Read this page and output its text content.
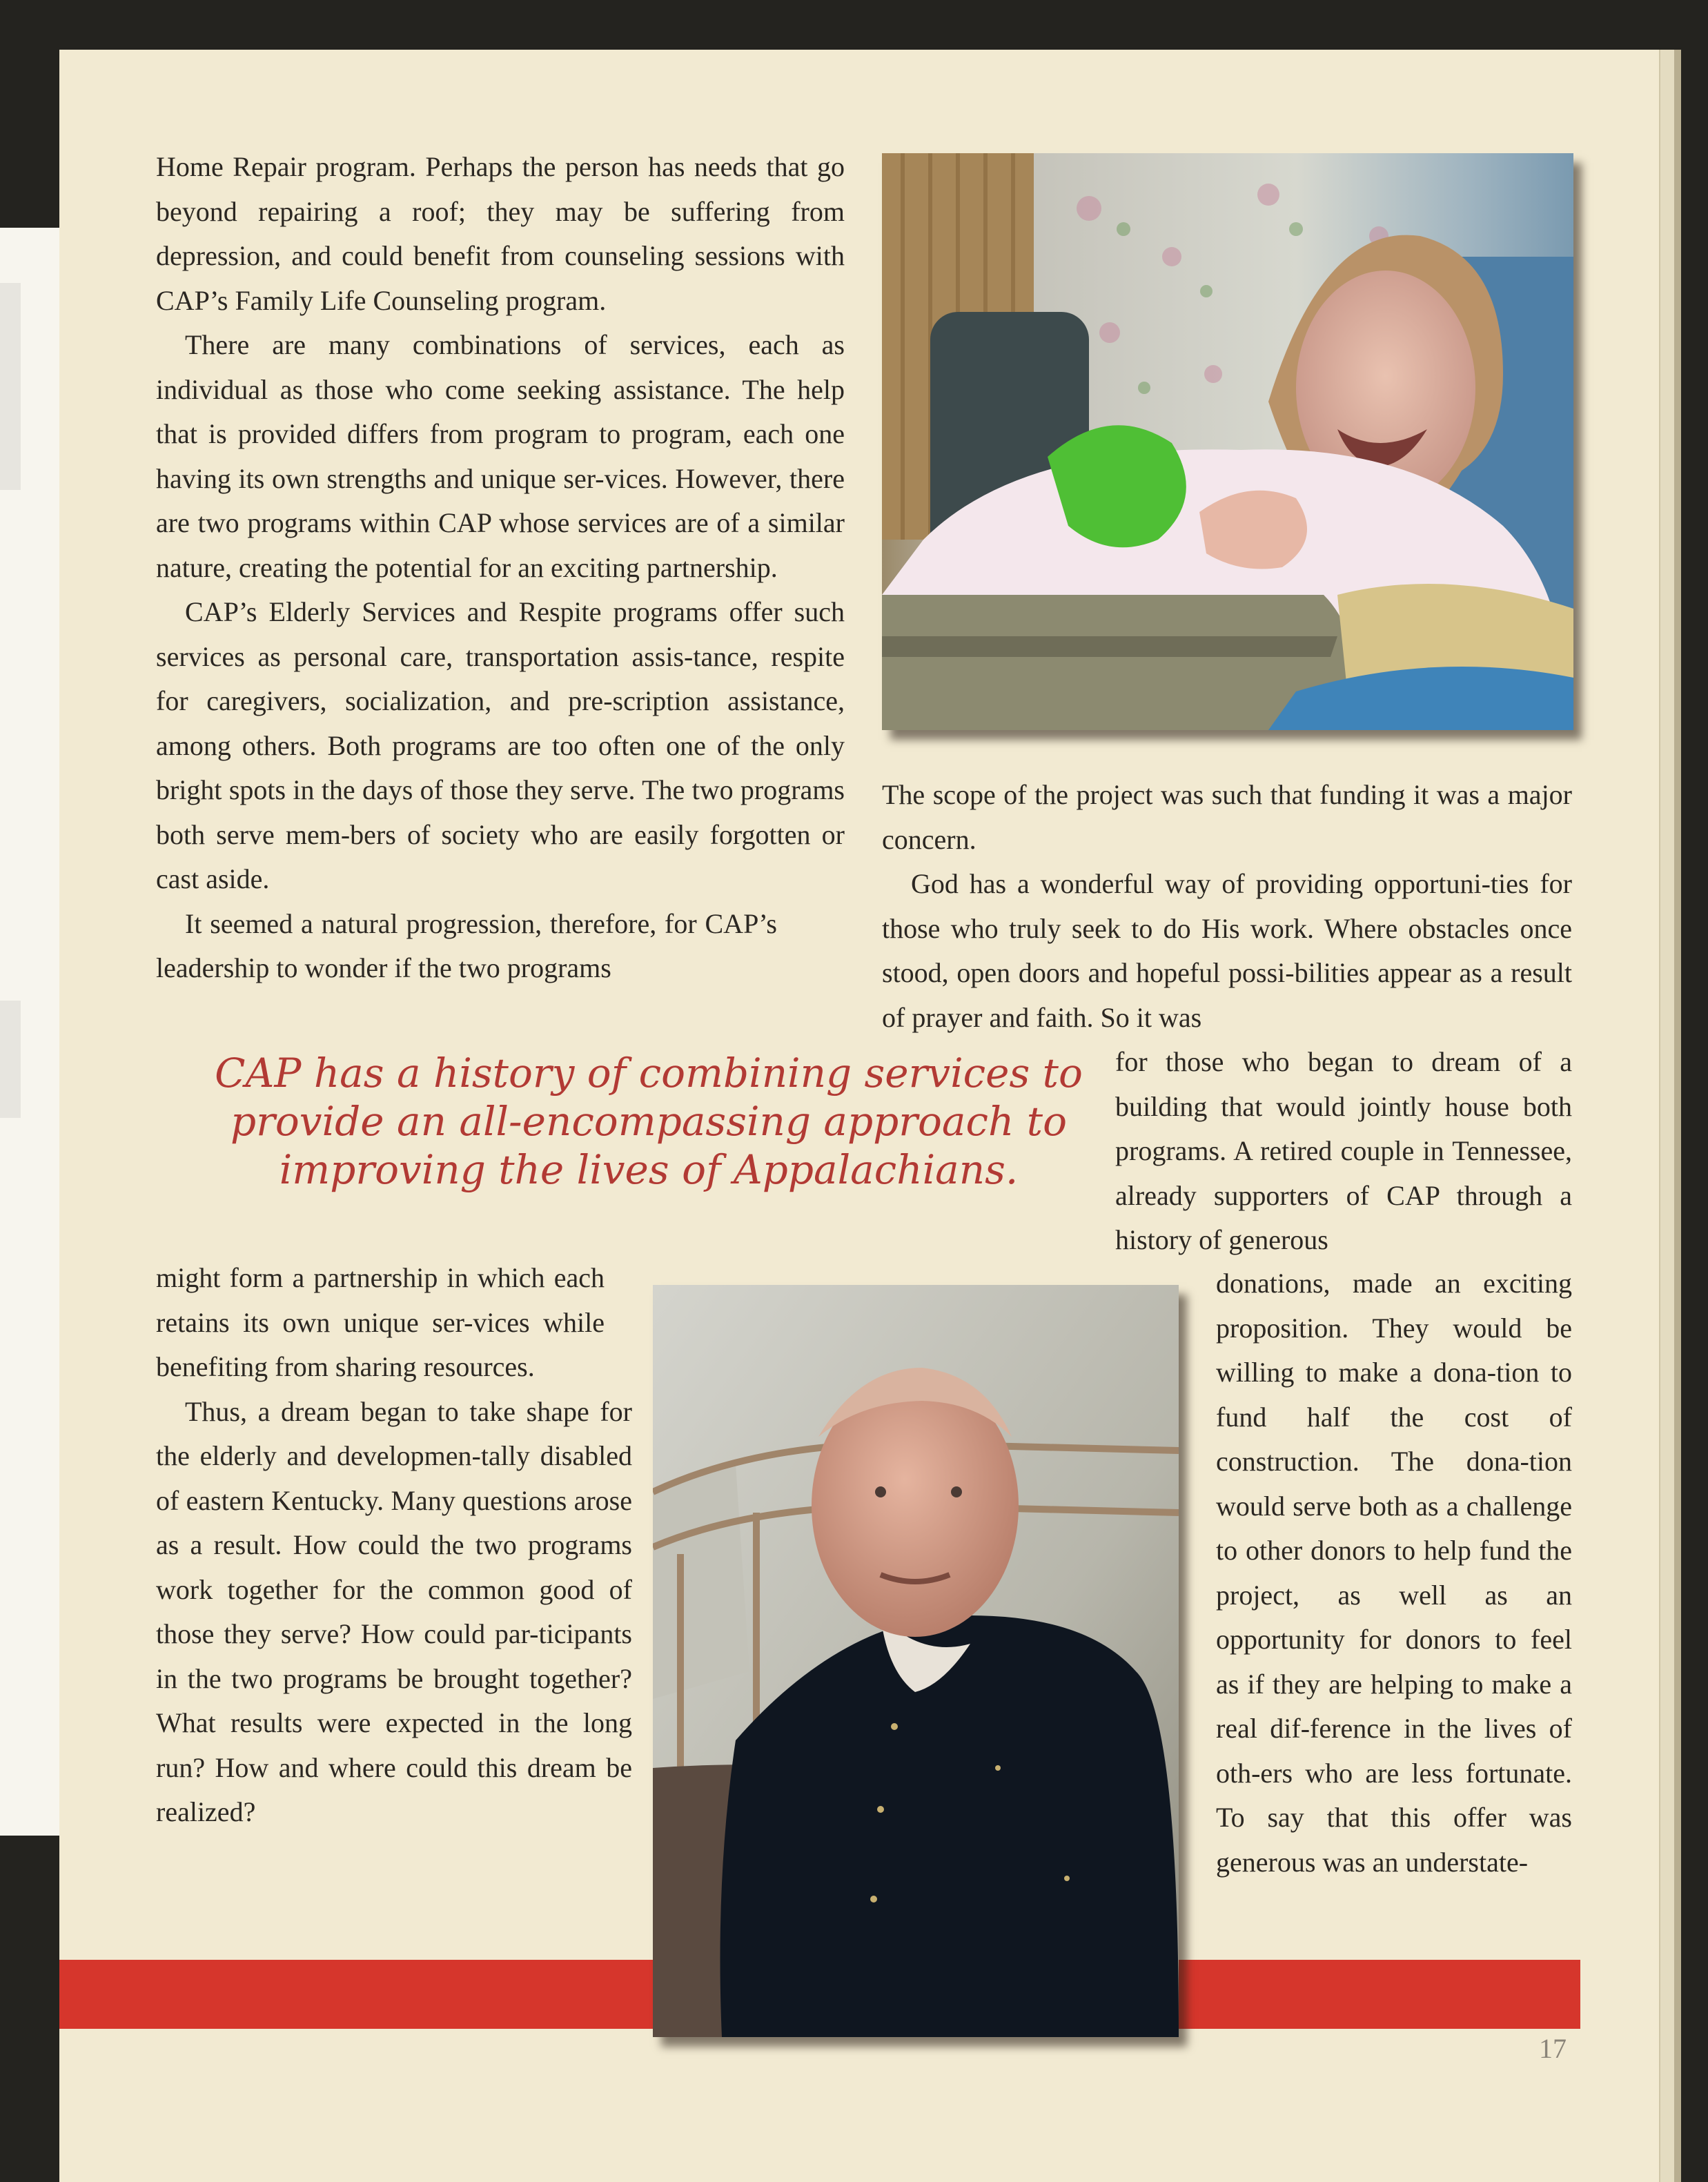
Home Repair program. Perhaps the person has needs that go beyond repairing a roof; they may be suffering from depression, and could benefit from counseling sessions with CAP’s Family Life Counseling program.

There are many combinations of services, each as individual as those who come seeking assistance. The help that is provided differs from program to program, each one having its own strengths and unique ser-vices. However, there are two programs within CAP whose services are of a similar nature, creating the potential for an exciting partnership.

CAP’s Elderly Services and Respite programs offer such services as personal care, transportation assis-tance, respite for caregivers, socialization, and pre-scription assistance, among others. Both programs are too often one of the only bright spots in the days of those they serve. The two programs both serve mem-bers of society who are easily forgotten or cast aside.

It seemed a natural progression, therefore, for CAP’s leadership to wonder if the two programs

The scope of the project was such that funding it was a major concern.

God has a wonderful way of providing opportuni-ties for those who truly seek to do His work. Where obstacles once stood, open doors and hopeful possi-bilities appear as a result of prayer and faith. So it was

for those who began to dream of a building that would jointly house both programs. A retired couple in Tennessee, already supporters of CAP through a history of generous

donations, made an exciting proposition. They would be willing to make a dona-tion to fund half the cost of construction. The dona-tion would serve both as a challenge to other donors to help fund the project, as well as an opportunity for donors to feel as if they are helping to make a real dif-ference in the lives of oth-ers who are less fortunate. To say that this offer was generous was an understate-

CAP has a history of combining services to
provide an all-encompassing approach to
improving the lives of Appalachians.

might form a partnership in which each retains its own unique ser-vices while benefiting from sharing resources.

Thus, a dream began to take shape for the elderly and developmen-tally disabled of eastern Kentucky. Many questions arose as a result. How could the two programs work together for the common good of those they serve? How could par-ticipants in the two programs be brought together? What results were expected in the long run? How and where could this dream be realized?

17
